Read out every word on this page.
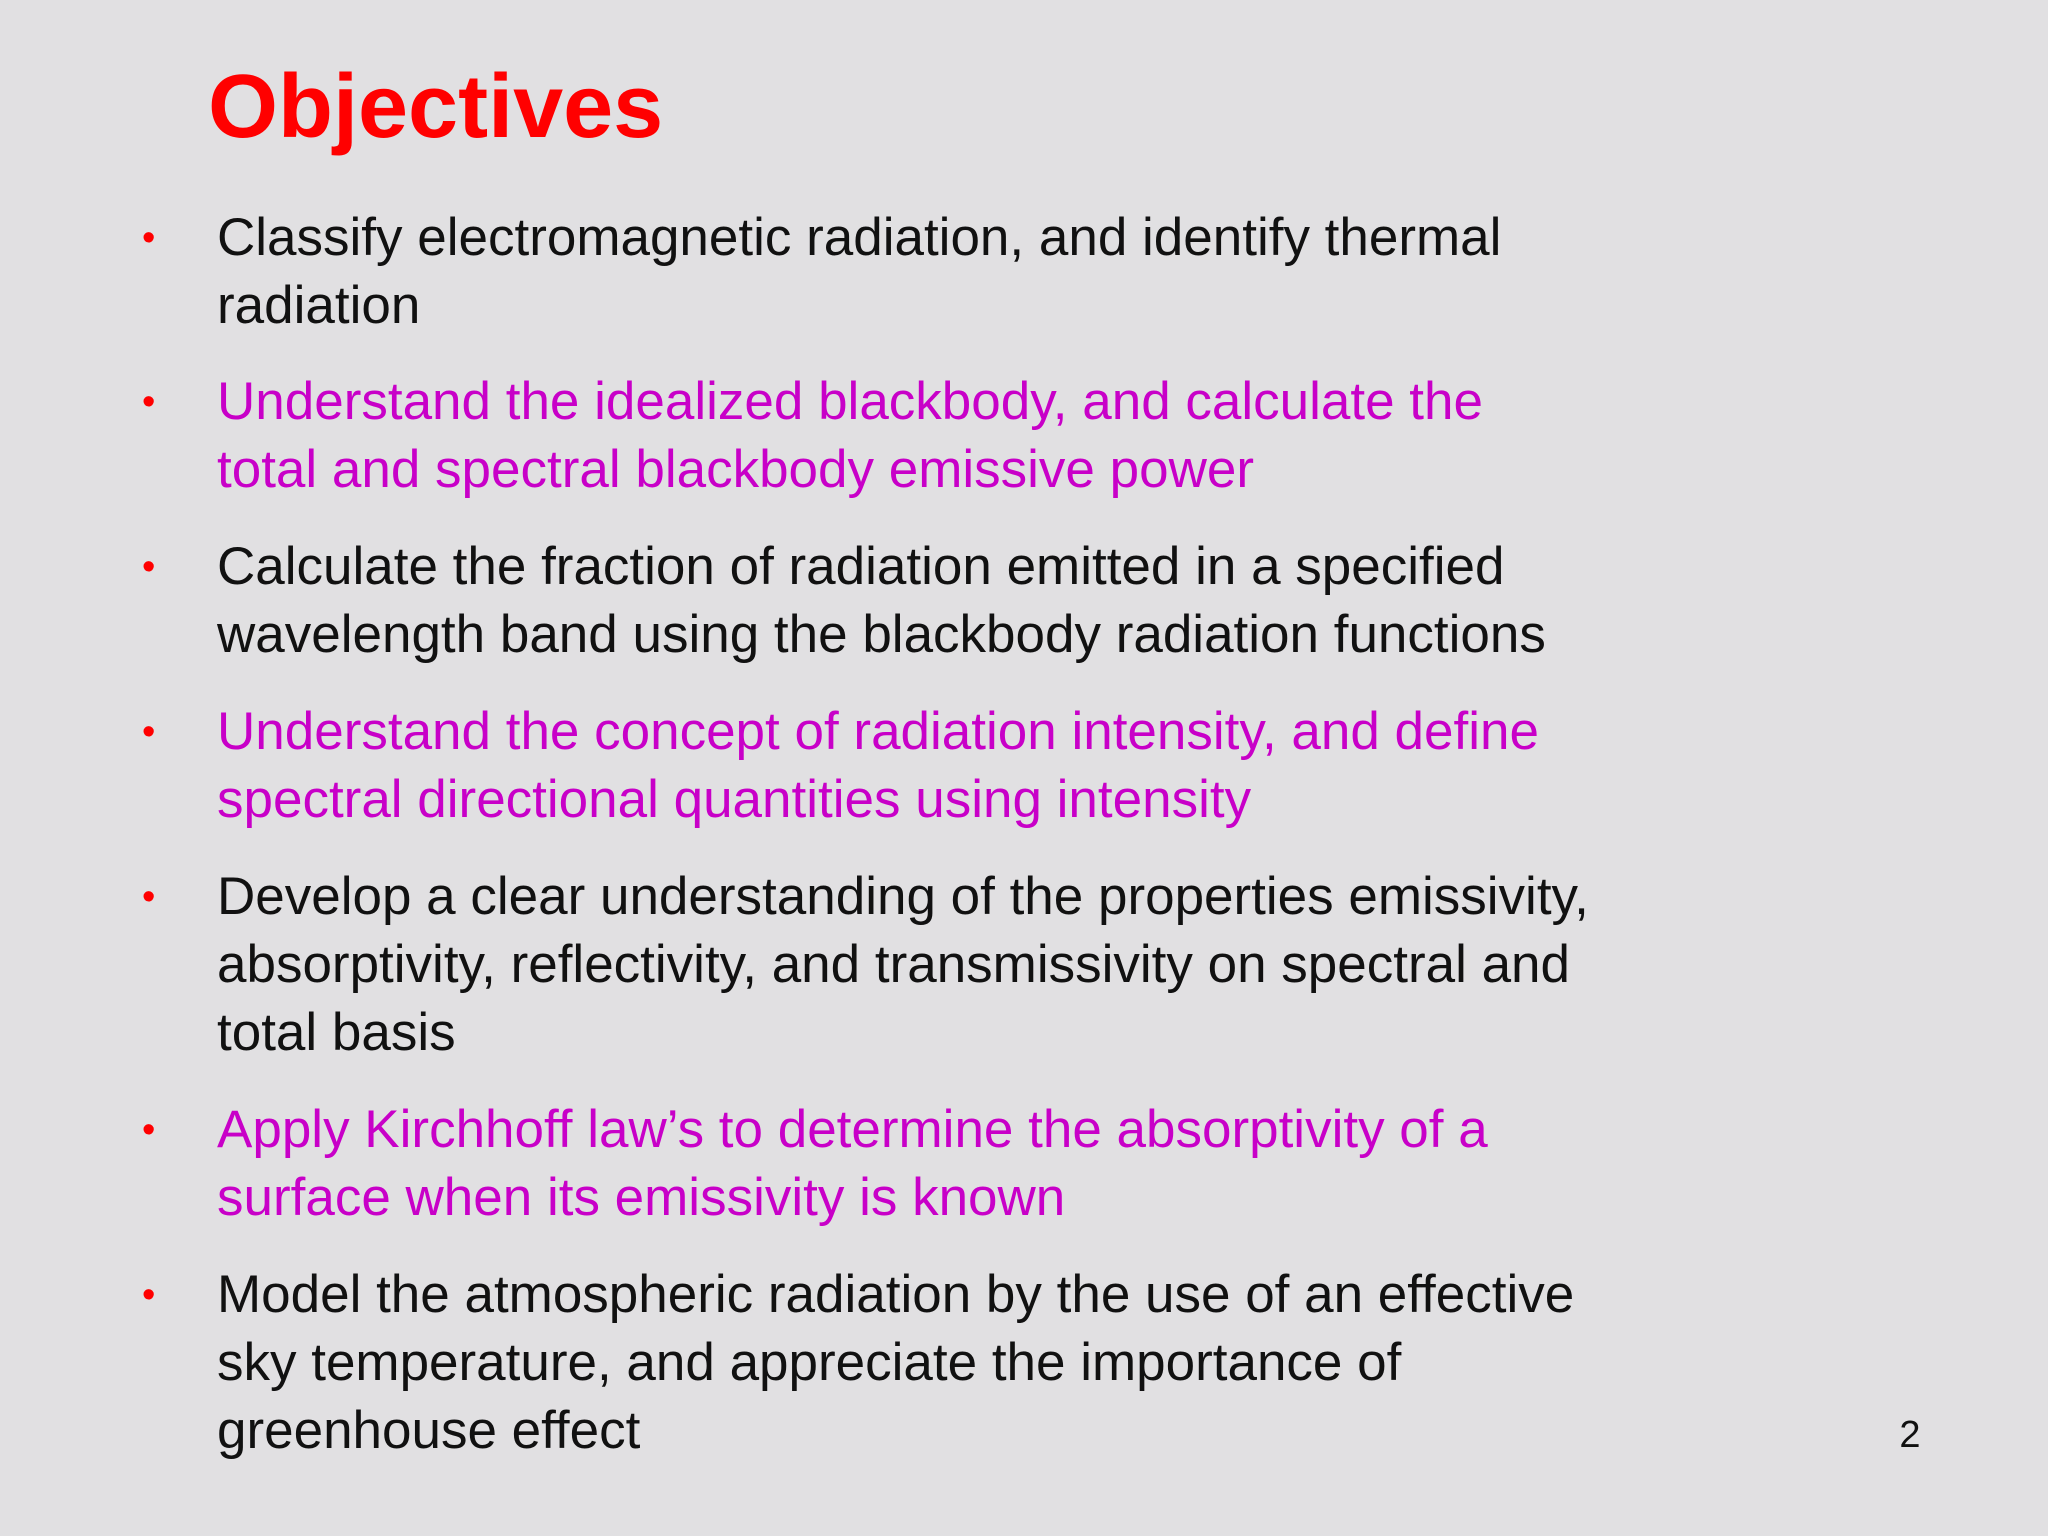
Objectives
• Classify electromagnetic radiation, and identify thermal
radiation
• Understand the idealized blackbody, and calculate the
total and spectral blackbody emissive power
• Calculate the fraction of radiation emitted in a specified
wavelength band using the blackbody radiation functions
• Understand the concept of radiation intensity, and define
spectral directional quantities using intensity
• Develop a clear understanding of the properties emissivity,
absorptivity, reflectivity, and transmissivity on spectral and
total basis
• Apply Kirchhoff law’s to determine the absorptivity of a
surface when its emissivity is known
• Model the atmospheric radiation by the use of an effective
sky temperature, and appreciate the importance of
greenhouse effect	2
